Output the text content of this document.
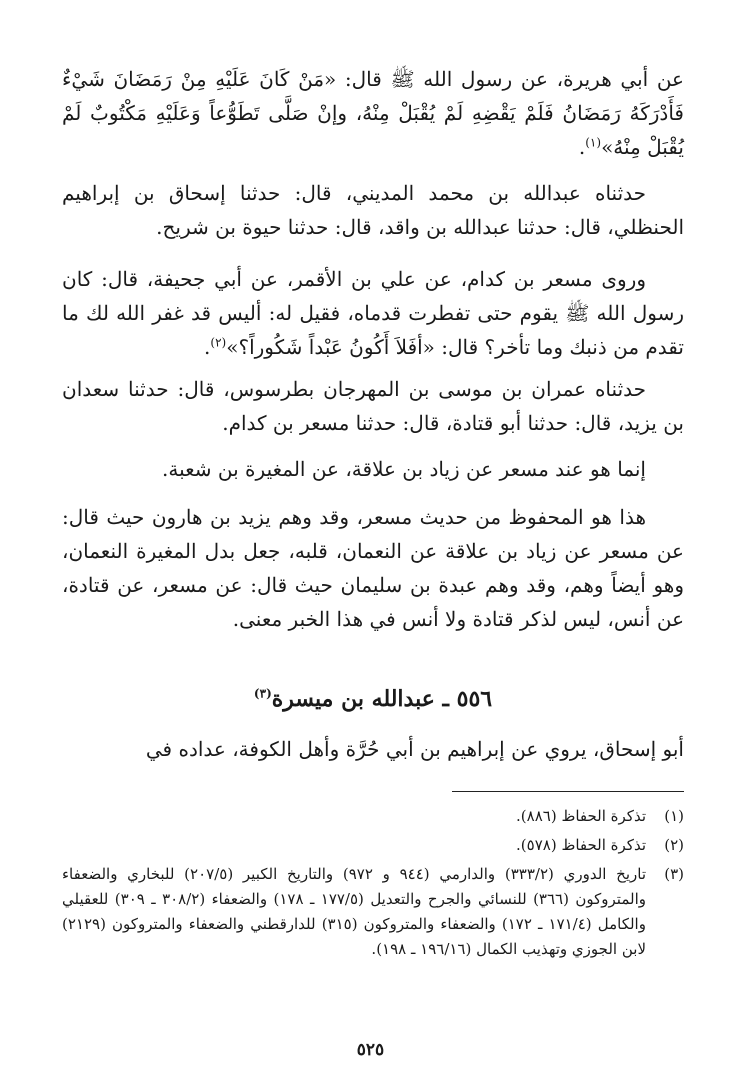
عن أبي هريرة، عن رسول الله ﷺ قال: «مَنْ كَانَ عَلَيْهِ مِنْ رَمَضَانَ شَيْءٌ فَأَدْرَكَهُ رَمَضَانُ فَلَمْ يَقْضِهِ لَمْ يُقْبَلْ مِنْهُ، وإنْ صَلَّى تَطَوُّعاً وَعَلَيْهِ مَكْتُوبٌ لَمْ يُقْبَلْ مِنْهُ»$^{(١)}$.

حدثناه عبدالله بن محمد المديني، قال: حدثنا إسحاق بن إبراهيم الحنظلي، قال: حدثنا عبدالله بن واقد، قال: حدثنا حيوة بن شريح.

وروى مسعر بن كدام، عن علي بن الأقمر، عن أبي جحيفة، قال: كان رسول الله ﷺ يقوم حتى تفطرت قدماه، فقيل له: أليس قد غفر الله لك ما تقدم من ذنبك وما تأخر؟ قال: «أفَلاَ أَكُونُ عَبْداً شَكُوراً؟»$^{(٢)}$.

حدثناه عمران بن موسى بن المهرجان بطرسوس، قال: حدثنا سعدان بن يزيد، قال: حدثنا أبو قتادة، قال: حدثنا مسعر بن كدام.

إنما هو عند مسعر عن زياد بن علاقة، عن المغيرة بن شعبة.

هذا هو المحفوظ من حديث مسعر، وقد وهم يزيد بن هارون حيث قال: عن مسعر عن زياد بن علاقة عن النعمان، قلبه، جعل بدل المغيرة النعمان، وهو أيضاً وهم، وقد وهم عبدة بن سليمان حيث قال: عن مسعر، عن قتادة، عن أنس، ليس لذكر قتادة ولا أنس في هذا الخبر معنى.

٥٥٦ ـ عبدالله بن ميسرة$^{(٣)}$

أبو إسحاق، يروي عن إبراهيم بن أبي حُرَّة وأهل الكوفة، عداده في

(١)
تذكرة الحفاظ (٨٨٦).
(٢)
تذكرة الحفاظ (٥٧٨).
(٣)
تاريخ الدوري (٣٣٣/٢) والدارمي (٩٤٤ و ٩٧٢) والتاريخ الكبير (٢٠٧/٥) للبخاري والضعفاء والمتروكون (٣٦٦) للنسائي والجرح والتعديل (١٧٧/٥ ـ ١٧٨) والضعفاء (٣٠٨/٢ ـ ٣٠٩) للعقيلي والكامل (١٧١/٤ ـ ١٧٢) والضعفاء والمتروكون (٣١٥) للدارقطني والضعفاء والمتروكون (٢١٢٩) لابن الجوزي وتهذيب الكمال (١٩٦/١٦ ـ ١٩٨).
٥٢٥
